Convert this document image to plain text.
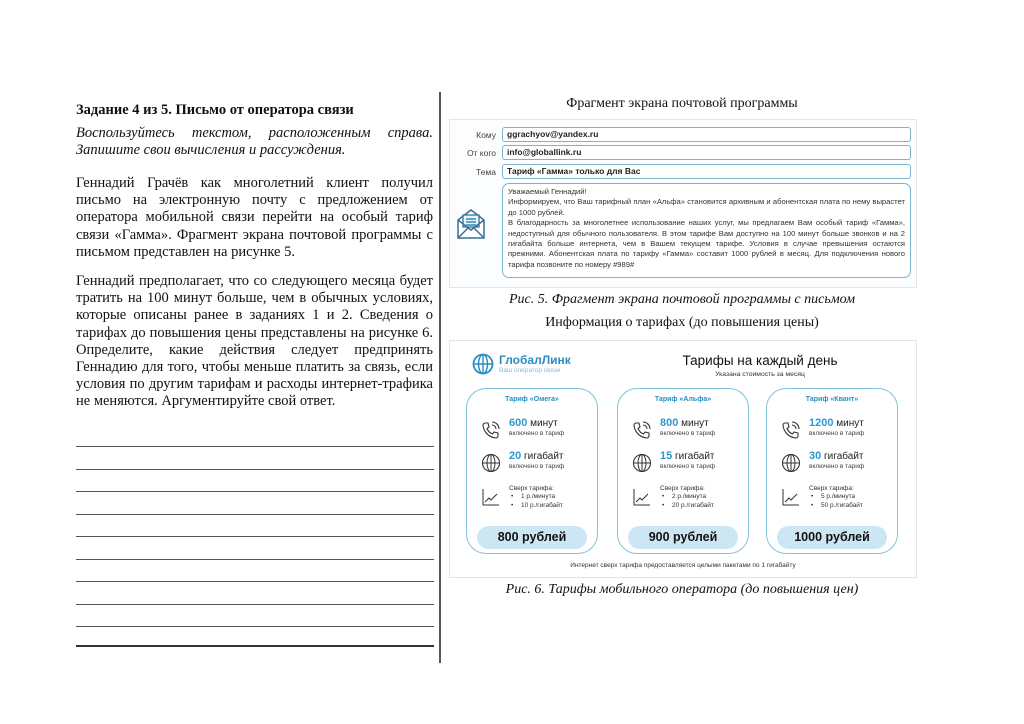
Задание 4 из 5. Письмо от оператора связи
Воспользуйтесь текстом, расположенным справа. Запишите свои вычисления и рассуждения.
Геннадий Грачёв как многолетний клиент получил письмо на электронную почту с предложением от оператора мобильной связи перейти на особый тариф связи «Гамма». Фрагмент экрана почтовой программы с письмом представлен на рисунке 5.
Геннадий предполагает, что со следующего месяца будет тратить на 100 минут больше, чем в обычных условиях, которые описаны ранее в заданиях 1 и 2. Сведения о тарифах до повышения цены представлены на рисунке 6. Определите, какие действия следует предпринять Геннадию для того, чтобы меньше платить за связь, если условия по другим тарифам и расходы интернет-трафика не меняются. Аргументируйте свой ответ.
Фрагмент экрана почтовой программы
Кому	ggrachyov@yandex.ru
От кого	info@globallink.ru
Тема	Тариф «Гамма» только для Вас

Уважаемый Геннадий!

Информируем, что Ваш тарифный план «Альфа» становится архивным и абонентская плата по нему вырастет до 1000 рублей.

В благодарность за многолетнее использование наших услуг, мы предлагаем Вам особый тариф «Гамма», недоступный для обычного пользователя. В этом тарифе Вам доступно на 100 минут больше звонков и на 2 гигабайта больше интернета, чем в Вашем текущем тарифе. Условия в случае превышения остаются прежними. Абонентская плата по тарифу «Гамма» составит 1000 рублей в месяц. Для подключения нового тарифа позвоните по номеру #989#

Рис. 5. Фрагмент экрана почтовой программы с письмом
Информация о тарифах (до повышения цены)
ГлобалЛинк
Ваш оператор связи
Тарифы на каждый день
Указана стоимость за месяц
Тариф «Омега»
600 минут
включено в тариф
20 гигабайт
включено в тариф
Сверх тарифа:
• 1 р./минута
• 10 р./гигабайт
800 рублей
Тариф «Альфа»
800 минут
включено в тариф
15 гигабайт
включено в тариф
Сверх тарифа:
• 2 р./минута
• 20 р./гигабайт
900 рублей
Тариф «Квант»
1200 минут
включено в тариф
30 гигабайт
включено в тариф
Сверх тарифа:
• 5 р./минута
• 50 р./гигабайт
1000 рублей
Интернет сверх тарифа предоставляется целыми пакетами по 1 гигабайту
Рис. 6. Тарифы мобильного оператора (до повышения цен)
